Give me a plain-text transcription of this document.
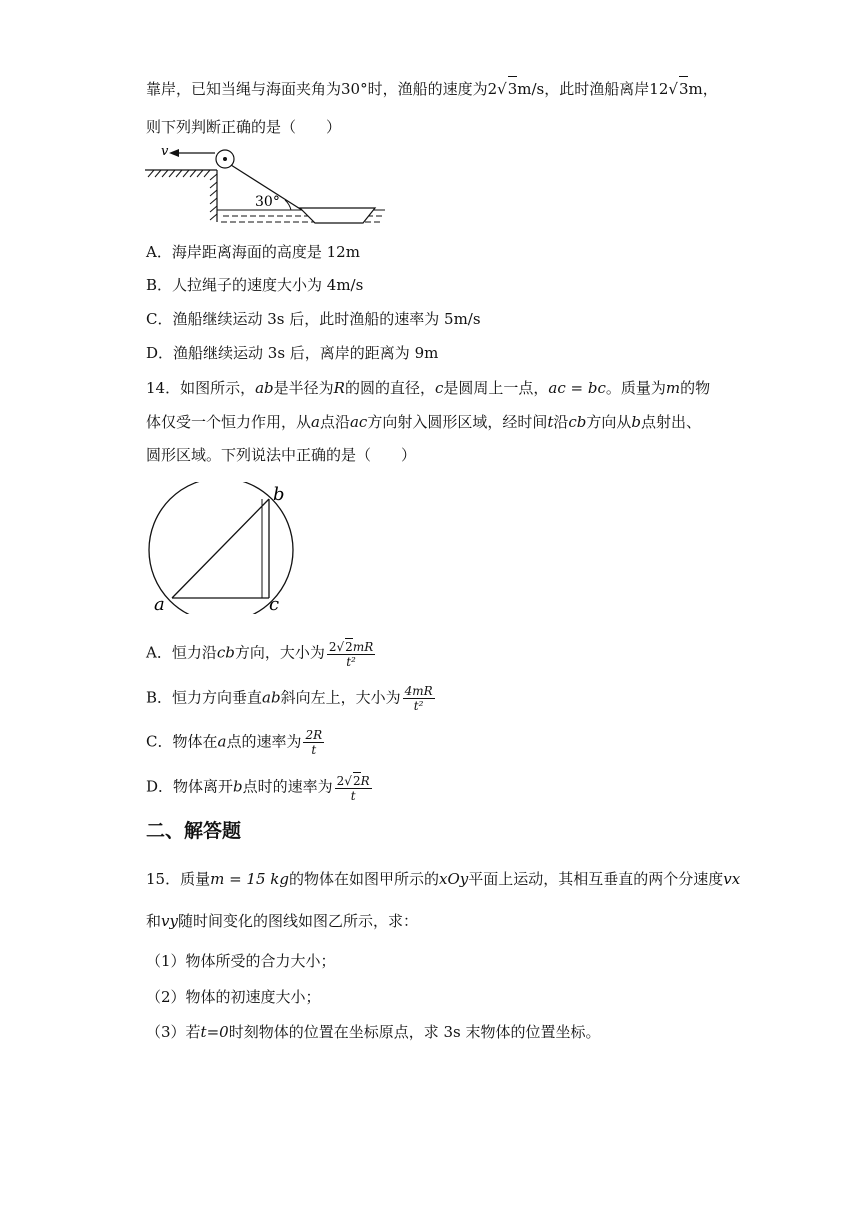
靠岸，已知当绳与海面夹角为30°时，渔船的速度为2√3m/s，此时渔船离岸12√3m，
则下列判断正确的是（　　）
v
30°
A．海岸距离海面的高度是 12m
B．人拉绳子的速度大小为 4m/s
C．渔船继续运动 3s 后，此时渔船的速率为 5m/s
D．渔船继续运动 3s 后，离岸的距离为 9m
14．如图所示，ab是半径为R的圆的直径，c是圆周上一点，ac = bc。质量为m的物
体仅受一个恒力作用，从a点沿ac方向射入圆形区域，经时间t沿cb方向从b点射出、
圆形区域。下列说法中正确的是（　　）
b
a	c
A．恒力沿cb方向，大小为 $\frac{2√2mR}{\text{t²}}$
B．恒力方向垂直ab斜向左上，大小为 $\frac{4mR}{\text{t²}}$
C．物体在a点的速率为 $\frac{2R}{t}$
D．物体离开b点时的速率为 $\frac{2√2R}{t}$
二、解答题
15．质量m = 15 kg的物体在如图甲所示的xOy平面上运动，其相互垂直的两个分速度vx
和vy随时间变化的图线如图乙所示，求：
（1）物体所受的合力大小；
（2）物体的初速度大小；
（3）若t=0时刻物体的位置在坐标原点，求 3s 末物体的位置坐标。
